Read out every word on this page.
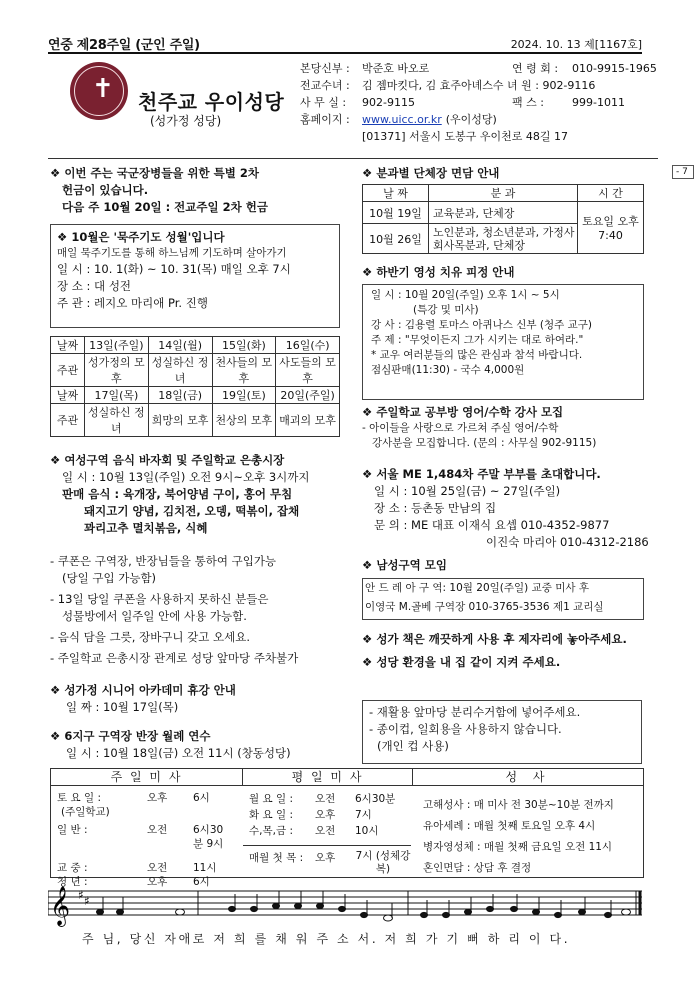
연중 제28주일 (군인 주일)	2024. 10. 13 제[1167호]
✝ 천주교 우이성당
(성가정 성당)
본당신부 :	박준호 바오로	연 령 회 :	010-9915-1965
전교수녀 :	김 젬마킷다, 김 효주아녜스수 녀 원 : 902-9116
사 무 실 :	902-9115	팩 스 :	999-1011
홈페이지 :	www.uicc.or.kr (우이성당)
[01371] 서울시 도봉구 우이천로 48길 17
- 7
❖ 이번 주는 국군장병들을 위한 특별 2차
헌금이 있습니다.
다음 주 10월 20일 : 전교주일 2차 헌금
❖ 10월은 '묵주기도 성월'입니다
매일 묵주기도를 통해 하느님께 기도하며 살아가기
일 시 : 10. 1(화) ~ 10. 31(목) 매일 오후 7시
장 소 : 대 성전
주 관 : 레지오 마리애 Pr. 진행
날짜	13일(주일)	14일(월)	15일(화)	16일(수)
주관	성가정의 모후	성실하신 정녀	천사들의 모후	사도들의 모후
날짜	17일(목)	18일(금)	19일(토)	20일(주일)
주관	성실하신 정녀	희망의 모후	천상의 모후	매괴의 모후
❖ 여성구역 음식 바자회 및 주일학교 은총시장
일 시 : 10월 13일(주일) 오전 9시~오후 3시까지
판매 음식 : 육개장, 북어양념 구이, 홍어 무침
돼지고기 양념, 김치전, 오뎅, 떡볶이, 잡채
꽈리고추 멸치볶음, 식혜
- 쿠폰은 구역장, 반장님들을 통하여 구입가능
(당일 구입 가능함)
- 13일 당일 쿠폰을 사용하지 못하신 분들은
성물방에서 일주일 안에 사용 가능함.
- 음식 담을 그릇, 장바구니 갖고 오세요.
- 주일학교 은총시장 관계로 성당 앞마당 주차불가
❖ 성가정 시니어 아카데미 휴강 안내
일 짜 : 10월 17일(목)
❖ 6지구 구역장 반장 월례 연수
일 시 : 10월 18일(금) 오전 11시 (창동성당)
❖ 분과별 단체장 면담 안내
날 짜	분 과	시 간
10월 19일	교육분과, 단체장	토요일 오후 7:40
10월 26일	노인분과, 청소년분과, 가정사회사목분과, 단체장	
❖ 하반기 영성 치유 피정 안내
일 시 : 10월 20일(주일) 오후 1시 ~ 5시
(특강 및 미사)
강 사 : 김용렬 토마스 아퀴나스 신부 (청주 교구)
주 제 : "무엇이든지 그가 시키는 대로 하여라."
* 교우 여러분들의 많은 관심과 참석 바랍니다.
점심판매(11:30) - 국수 4,000원
❖ 주일학교 공부방 영어/수학 강사 모집
- 아이들을 사랑으로 가르쳐 주실 영어/수학
강사분을 모집합니다. (문의 : 사무실 902-9115)
❖ 서울 ME 1,484차 주말 부부를 초대합니다.
일 시 : 10월 25일(금) ~ 27일(주일)
장 소 : 등촌동 만남의 집
문 의 : ME 대표 이재식 요셉 010-4352-9877
이진숙 마리아 010-4312-2186
❖ 남성구역 모임
안 드 레 아 구 역: 10월 20일(주일) 교중 미사 후
이영국 M.골베 구역장 010-3765-3536 제1 교리실
❖ 성가 책은 깨끗하게 사용 후 제자리에 놓아주세요.
❖ 성당 환경을 내 집 같이 지켜 주세요.
- 재활용 앞마당 분리수거함에 넣어주세요.
- 종이컵, 일회용을 사용하지 않습니다.
(개인 컵 사용)
주 일 미 사	평 일 미 사	성 사
토 요 일 :	오후	6시
(주일학교)
일 반 :	오전	6시30분 9시
교 중 :	오전	11시
청 년 :	오후	6시
월 요 일 :	오전	6시30분
화 요 일 :	오후	7시
수,목,금 :	오전	10시
매월 첫 목 :	오후	7시 (성체강복)
고해성사 : 매 미사 전 30분~10분 전까지
유아세례 : 매월 첫째 토요일 오후 4시
병자영성체 : 매월 첫째 금요일 오전 11시
혼인면담 : 상담 후 결정
𝄞 ♯ ♯
주 님, 당신 자애로 저 희 를 채 워 주 소 서. 저 희 가 기 뻐 하 리 이 다.
